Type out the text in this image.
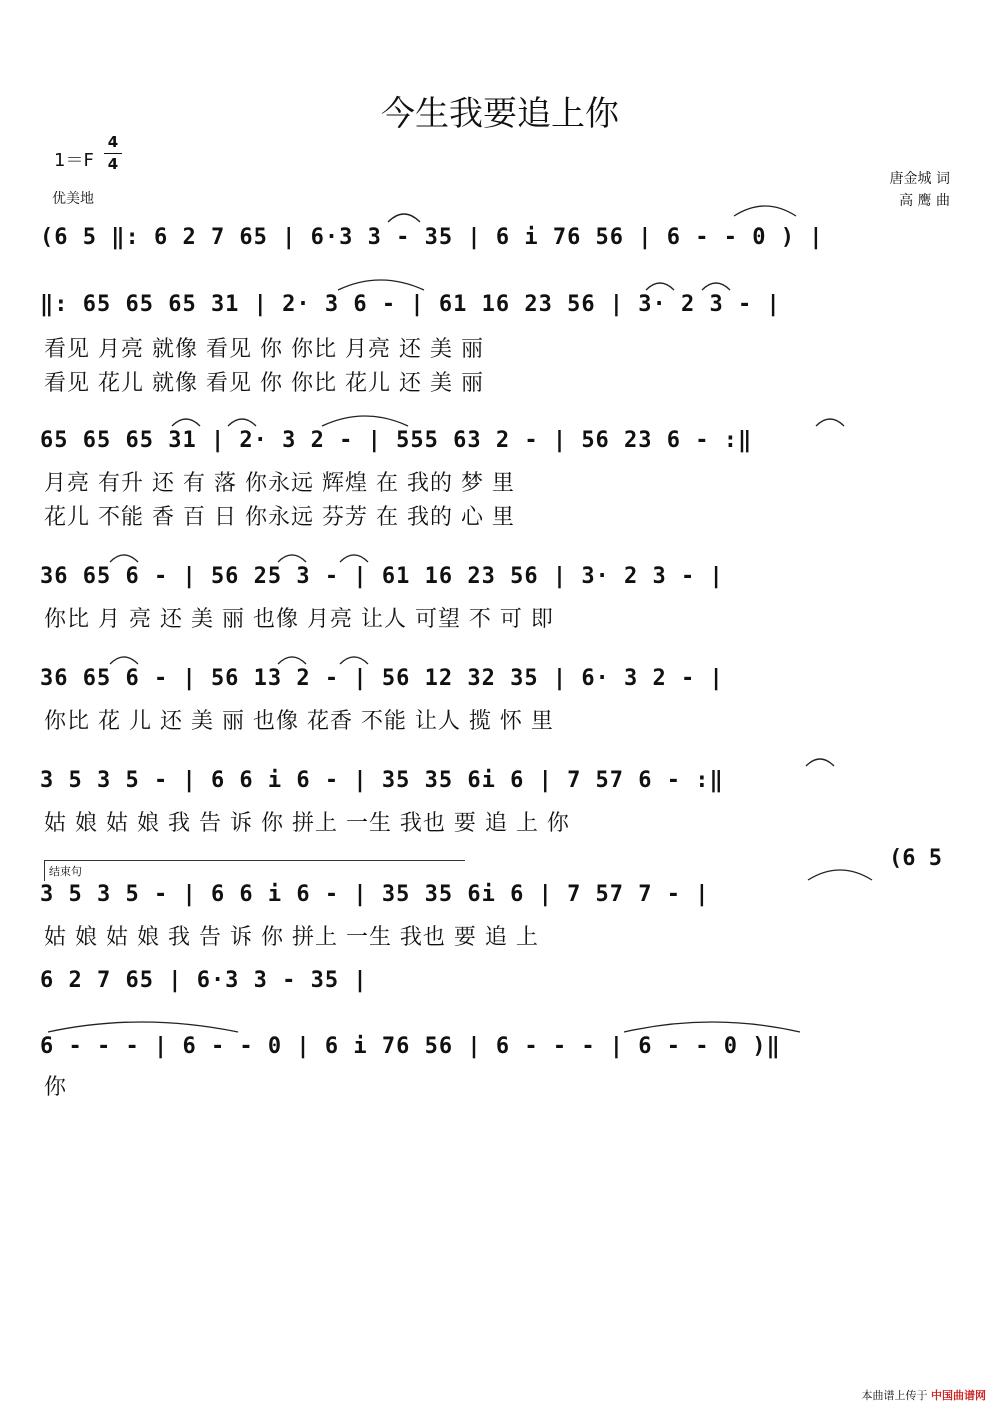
今生我要追上你
1＝F
4
4
优美地
唐金城 词
高 鹰 曲
(6 5 ‖: 6 2 7 65 | 6·3 3 - 35 | 6 i 76 56 | 6 - - 0 ) |
‖: 65 65 65 31 | 2· 3 6 - | 61 16 23 56 | 3· 2 3 - |
看见 月亮 就像 看见 你 你比 月亮 还 美 丽
看见 花儿 就像 看见 你 你比 花儿 还 美 丽
65 65 65 31 | 2· 3 2 - | 555 63 2 - | 56 23 6 - :‖
月亮 有升 还 有 落 你永远 辉煌 在 我的 梦 里
花儿 不能 香 百 日 你永远 芬芳 在 我的 心 里
36 65 6 - | 56 25 3 - | 61 16 23 56 | 3· 2 3 - |
你比 月 亮 还 美 丽 也像 月亮 让人 可望 不 可 即
36 65 6 - | 56 13 2 - | 56 12 32 35 | 6· 3 2 - |
你比 花 儿 还 美 丽 也像 花香 不能 让人 揽 怀 里
3 5 3 5 - | 6 6 i 6 - | 35 35 6i 6 | 7 57 6 - :‖
姑 娘 姑 娘 我 告 诉 你 拼上 一生 我也 要 追 上 你
结束句
(6 5
3 5 3 5 - | 6 6 i 6 - | 35 35 6i 6 | 7 57 7 - |
姑 娘 姑 娘 我 告 诉 你 拼上 一生 我也 要 追 上
6 2 7 65 | 6·3 3 - 35 |
6 - - - | 6 - - 0 | 6 i 76 56 | 6 - - - | 6 - - 0 )‖
你
本曲谱上传于 中国曲谱网
